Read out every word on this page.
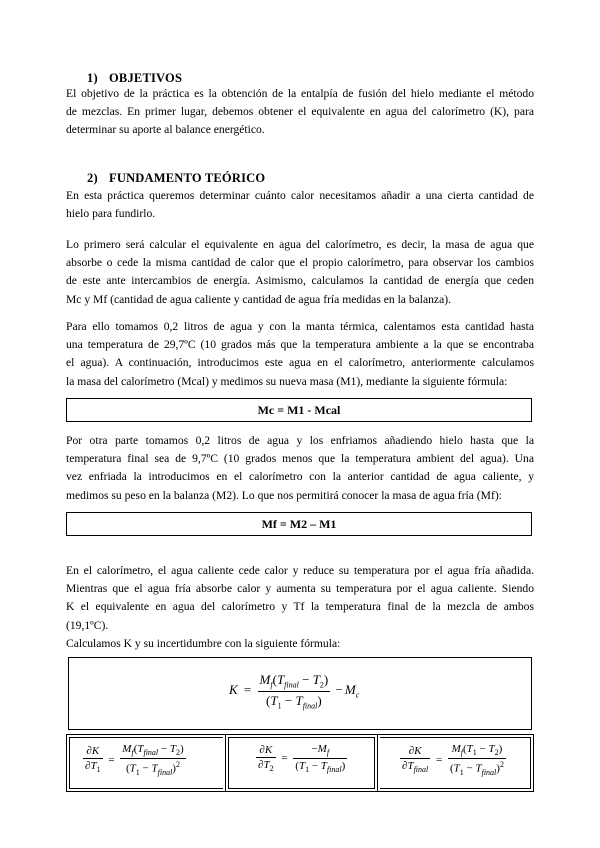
1) OBJETIVOS
El objetivo de la práctica es la obtención de la entalpía de fusión del hielo mediante el método
de mezclas. En primer lugar, debemos obtener el equivalente en agua del calorímetro (K), para
determinar su aporte al balance energético.
2) FUNDAMENTO TEÓRICO
En esta práctica queremos determinar cuánto calor necesitamos añadir a una cierta cantidad de
hielo para fundirlo.
Lo primero será calcular el equivalente en agua del calorímetro, es decir, la masa de agua que
absorbe o cede la misma cantidad de calor que el propio calorímetro, para observar los cambios
de este ante intercambios de energía. Asimismo, calculamos la cantidad de energía que ceden
Mc y Mf (cantidad de agua caliente y cantidad de agua fría medidas en la balanza).
Para ello tomamos 0,2 litros de agua y con la manta térmica, calentamos esta cantidad hasta
una temperatura de 29,7ºC (10 grados más que la temperatura ambiente a la que se encontraba
el agua). A continuación, introducimos este agua en el calorímetro, anteriormente calculamos
la masa del calorímetro (Mcal) y medimos su nueva masa (M1), mediante la siguiente fórmula:
Mc = M1 - Mcal
Por otra parte tomamos 0,2 litros de agua y los enfriamos añadiendo hielo hasta que la
temperatura final sea de 9,7ºC (10 grados menos que la temperatura ambient del agua). Una
vez enfriada la introducimos en el calorímetro con la anterior cantidad de agua caliente, y
medimos su peso en la balanza (M2). Lo que nos permitirá conocer la masa de agua fría (Mf):
Mf = M2 – M1
En el calorímetro, el agua caliente cede calor y reduce su temperatura por el agua fría añadida.
Mientras que el agua fría absorbe calor y aumenta su temperatura por el agua caliente. Siendo
K el equivalente en agua del calorímetro y Tf la temperatura final de la mezcla de ambos
(19,1ºC).
Calculamos K y su incertidumbre con la siguiente fórmula:
$K = \frac{M_f(T_{final} - T_2)}{(T_1 - T_{final})} - M_c$
$\frac{\partial K}{\partial T_1} = \frac{M_f(T_{final} - T_2)}{(T_1 - T_{final})^2}$	$\frac{\partial K}{\partial T_2} = \frac{-M_f}{(T_1 - T_{final})}$	$\frac{\partial K}{\partial T_{final}} = \frac{M_f(T_1 - T_2)}{(T_1 - T_{final})^2}$
